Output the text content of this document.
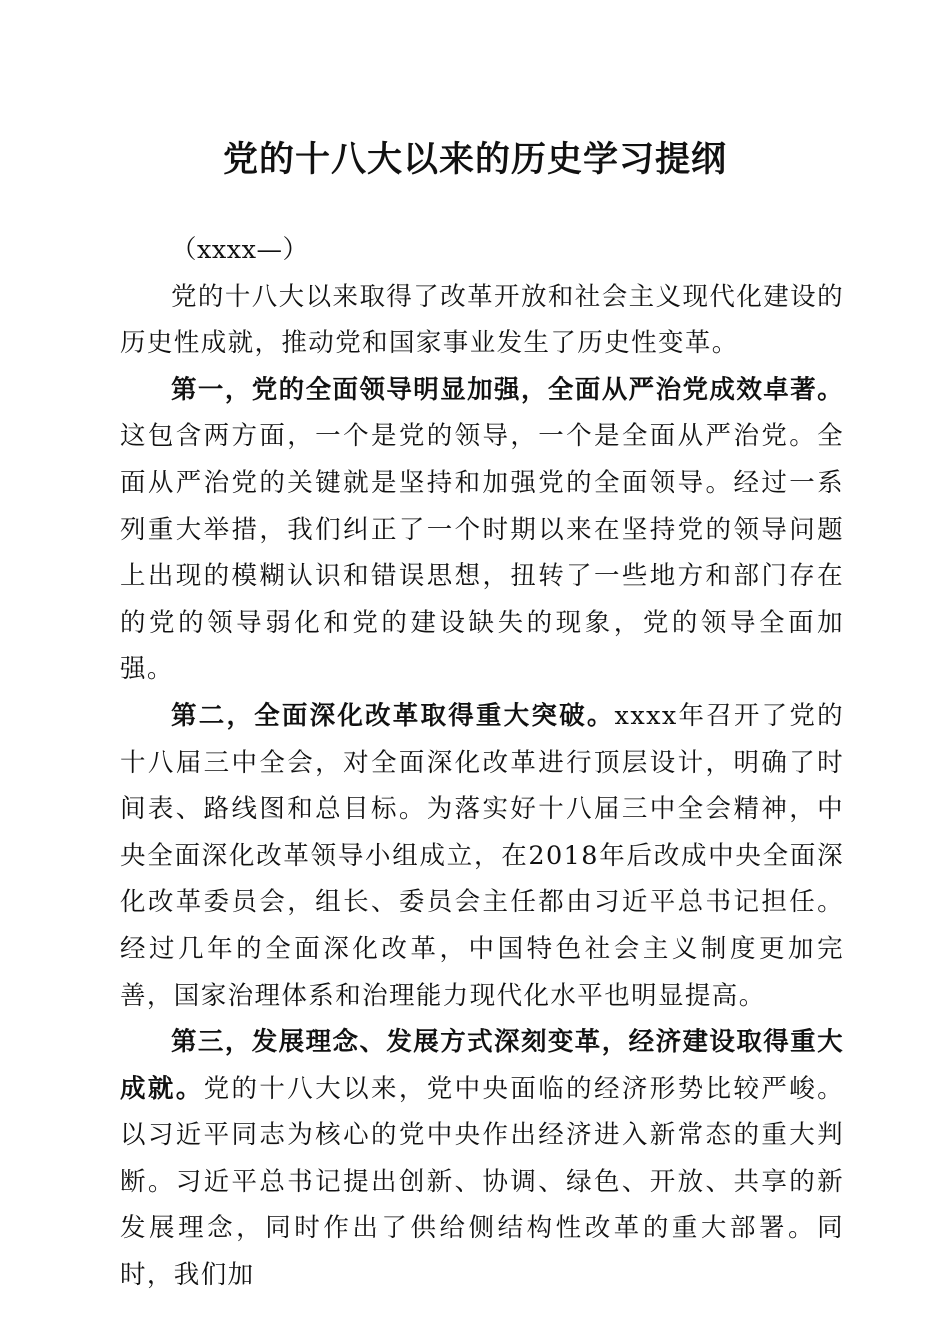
党的十八大以来的历史学习提纲

（xxxx—）

党的十八大以来取得了改革开放和社会主义现代化建设的历史性成就，推动党和国家事业发生了历史性变革。

第一，党的全面领导明显加强，全面从严治党成效卓著。这包含两方面，一个是党的领导，一个是全面从严治党。全面从严治党的关键就是坚持和加强党的全面领导。经过一系列重大举措，我们纠正了一个时期以来在坚持党的领导问题上出现的模糊认识和错误思想，扭转了一些地方和部门存在的党的领导弱化和党的建设缺失的现象，党的领导全面加强。

第二，全面深化改革取得重大突破。xxxx年召开了党的十八届三中全会，对全面深化改革进行顶层设计，明确了时间表、路线图和总目标。为落实好十八届三中全会精神，中央全面深化改革领导小组成立，在2018年后改成中央全面深化改革委员会，组长、委员会主任都由习近平总书记担任。经过几年的全面深化改革，中国特色社会主义制度更加完善，国家治理体系和治理能力现代化水平也明显提高。

第三，发展理念、发展方式深刻变革，经济建设取得重大成就。党的十八大以来，党中央面临的经济形势比较严峻。以习近平同志为核心的党中央作出经济进入新常态的重大判断。习近平总书记提出创新、协调、绿色、开放、共享的新发展理念，同时作出了供给侧结构性改革的重大部署。同时，我们加
